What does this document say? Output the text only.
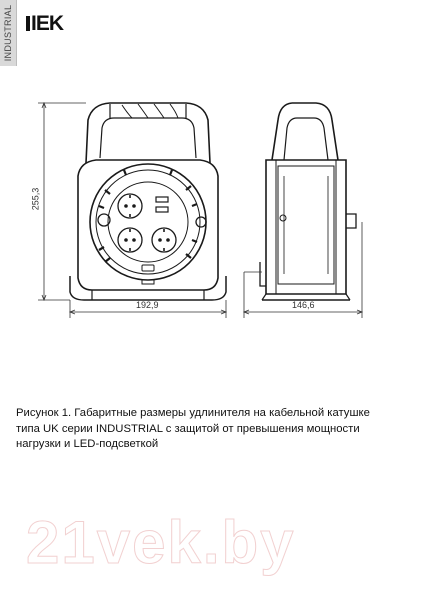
INDUSTRIAL IEK
255,3
192,9	146,6
Рисунок 1. Габаритные размеры удлинителя на кабельной катушке
типа UK серии INDUSTRIAL с защитой от превышения мощности
нагрузки и LED-подсветкой
21vek.by
